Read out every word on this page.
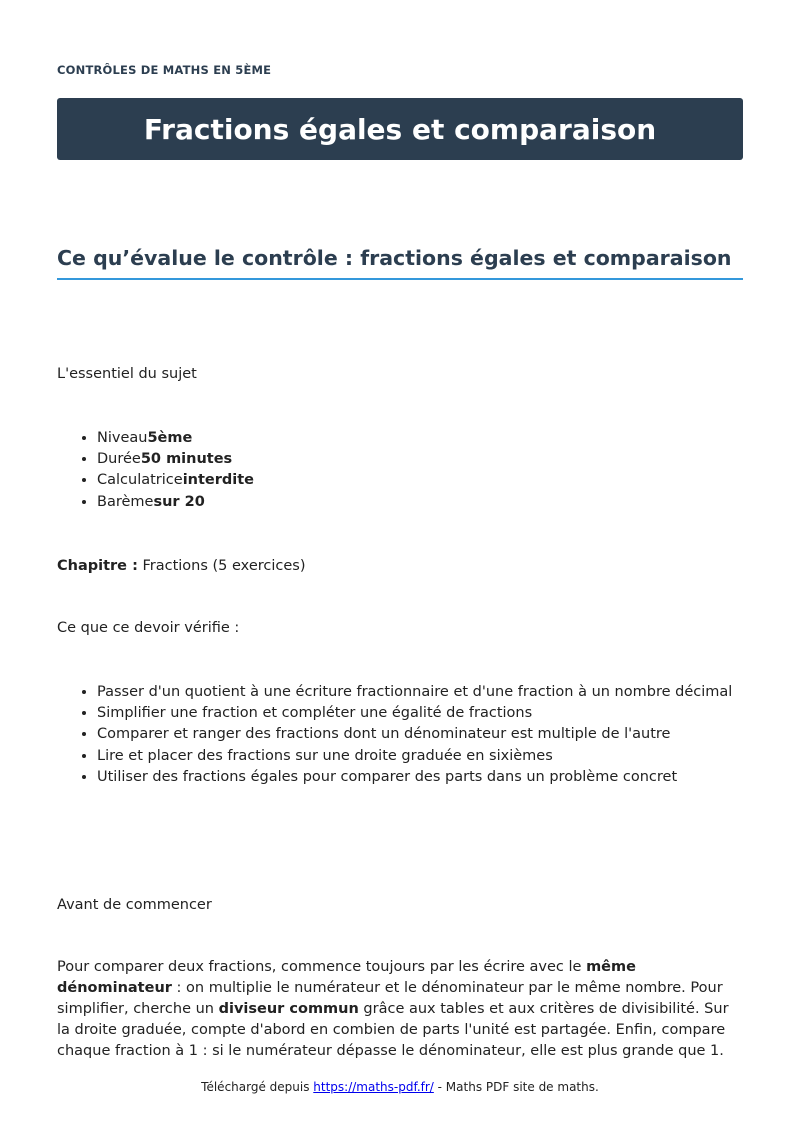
CONTRÔLES DE MATHS EN 5ÈME
Fractions égales et comparaison
Ce qu’évalue le contrôle : fractions égales et comparaison

L'essentiel du sujet

• Niveau5ème
• Durée50 minutes
• Calculatriceinterdite
• Barèmesur 20

Chapitre : Fractions (5 exercices)

Ce que ce devoir vérifie :

• Passer d'un quotient à une écriture fractionnaire et d'une fraction à un nombre décimal
• Simplifier une fraction et compléter une égalité de fractions
• Comparer et ranger des fractions dont un dénominateur est multiple de l'autre
• Lire et placer des fractions sur une droite graduée en sixièmes
• Utiliser des fractions égales pour comparer des parts dans un problème concret

Avant de commencer

Pour comparer deux fractions, commence toujours par les écrire avec le même dénominateur : on multiplie le numérateur et le dénominateur par le même nombre. Pour simplifier, cherche un diviseur commun grâce aux tables et aux critères de divisibilité. Sur la droite graduée, compte d'abord en combien de parts l'unité est partagée. Enfin, compare chaque fraction à 1 : si le numérateur dépasse le dénominateur, elle est plus grande que 1.

Téléchargé depuis https://maths-pdf.fr/ - Maths PDF site de maths.
